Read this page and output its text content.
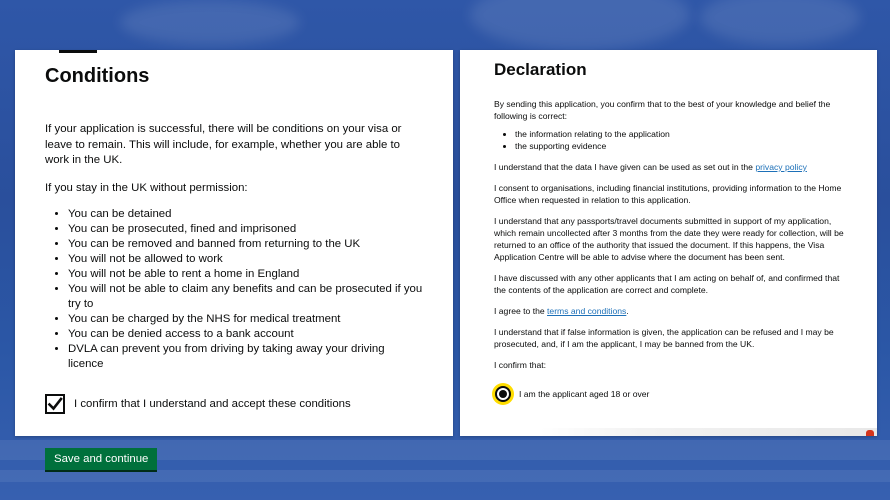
Conditions

If your application is successful, there will be conditions on your visa or leave to remain. This will include, for example, whether you are able to work in the UK.

If you stay in the UK without permission:

• You can be detained
• You can be prosecuted, fined and imprisoned
• You can be removed and banned from returning to the UK
• You will not be allowed to work
• You will not be able to rent a home in England
• You will not be able to claim any benefits and can be prosecuted if you try to
• You can be charged by the NHS for medical treatment
• You can be denied access to a bank account
• DVLA can prevent you from driving by taking away your driving licence
I confirm that I understand and accept these conditions
Save and continue
Declaration

By sending this application, you confirm that to the best of your knowledge and belief the following is correct:

• the information relating to the application
• the supporting evidence

I understand that the data I have given can be used as set out in the privacy policy

I consent to organisations, including financial institutions, providing information to the Home Office when requested in relation to this application.

I understand that any passports/travel documents submitted in support of my application, which remain uncollected after 3 months from the date they were ready for collection, will be returned to an office of the authority that issued the document. If this happens, the Visa Application Centre will be able to advise where the document has been sent.

I have discussed with any other applicants that I am acting on behalf of, and confirmed that the contents of the application are correct and complete.

I agree to the terms and conditions.

I understand that if false information is given, the application can be refused and I may be prosecuted, and, if I am the applicant, I may be banned from the UK.

I confirm that:

I am the applicant aged 18 or over
